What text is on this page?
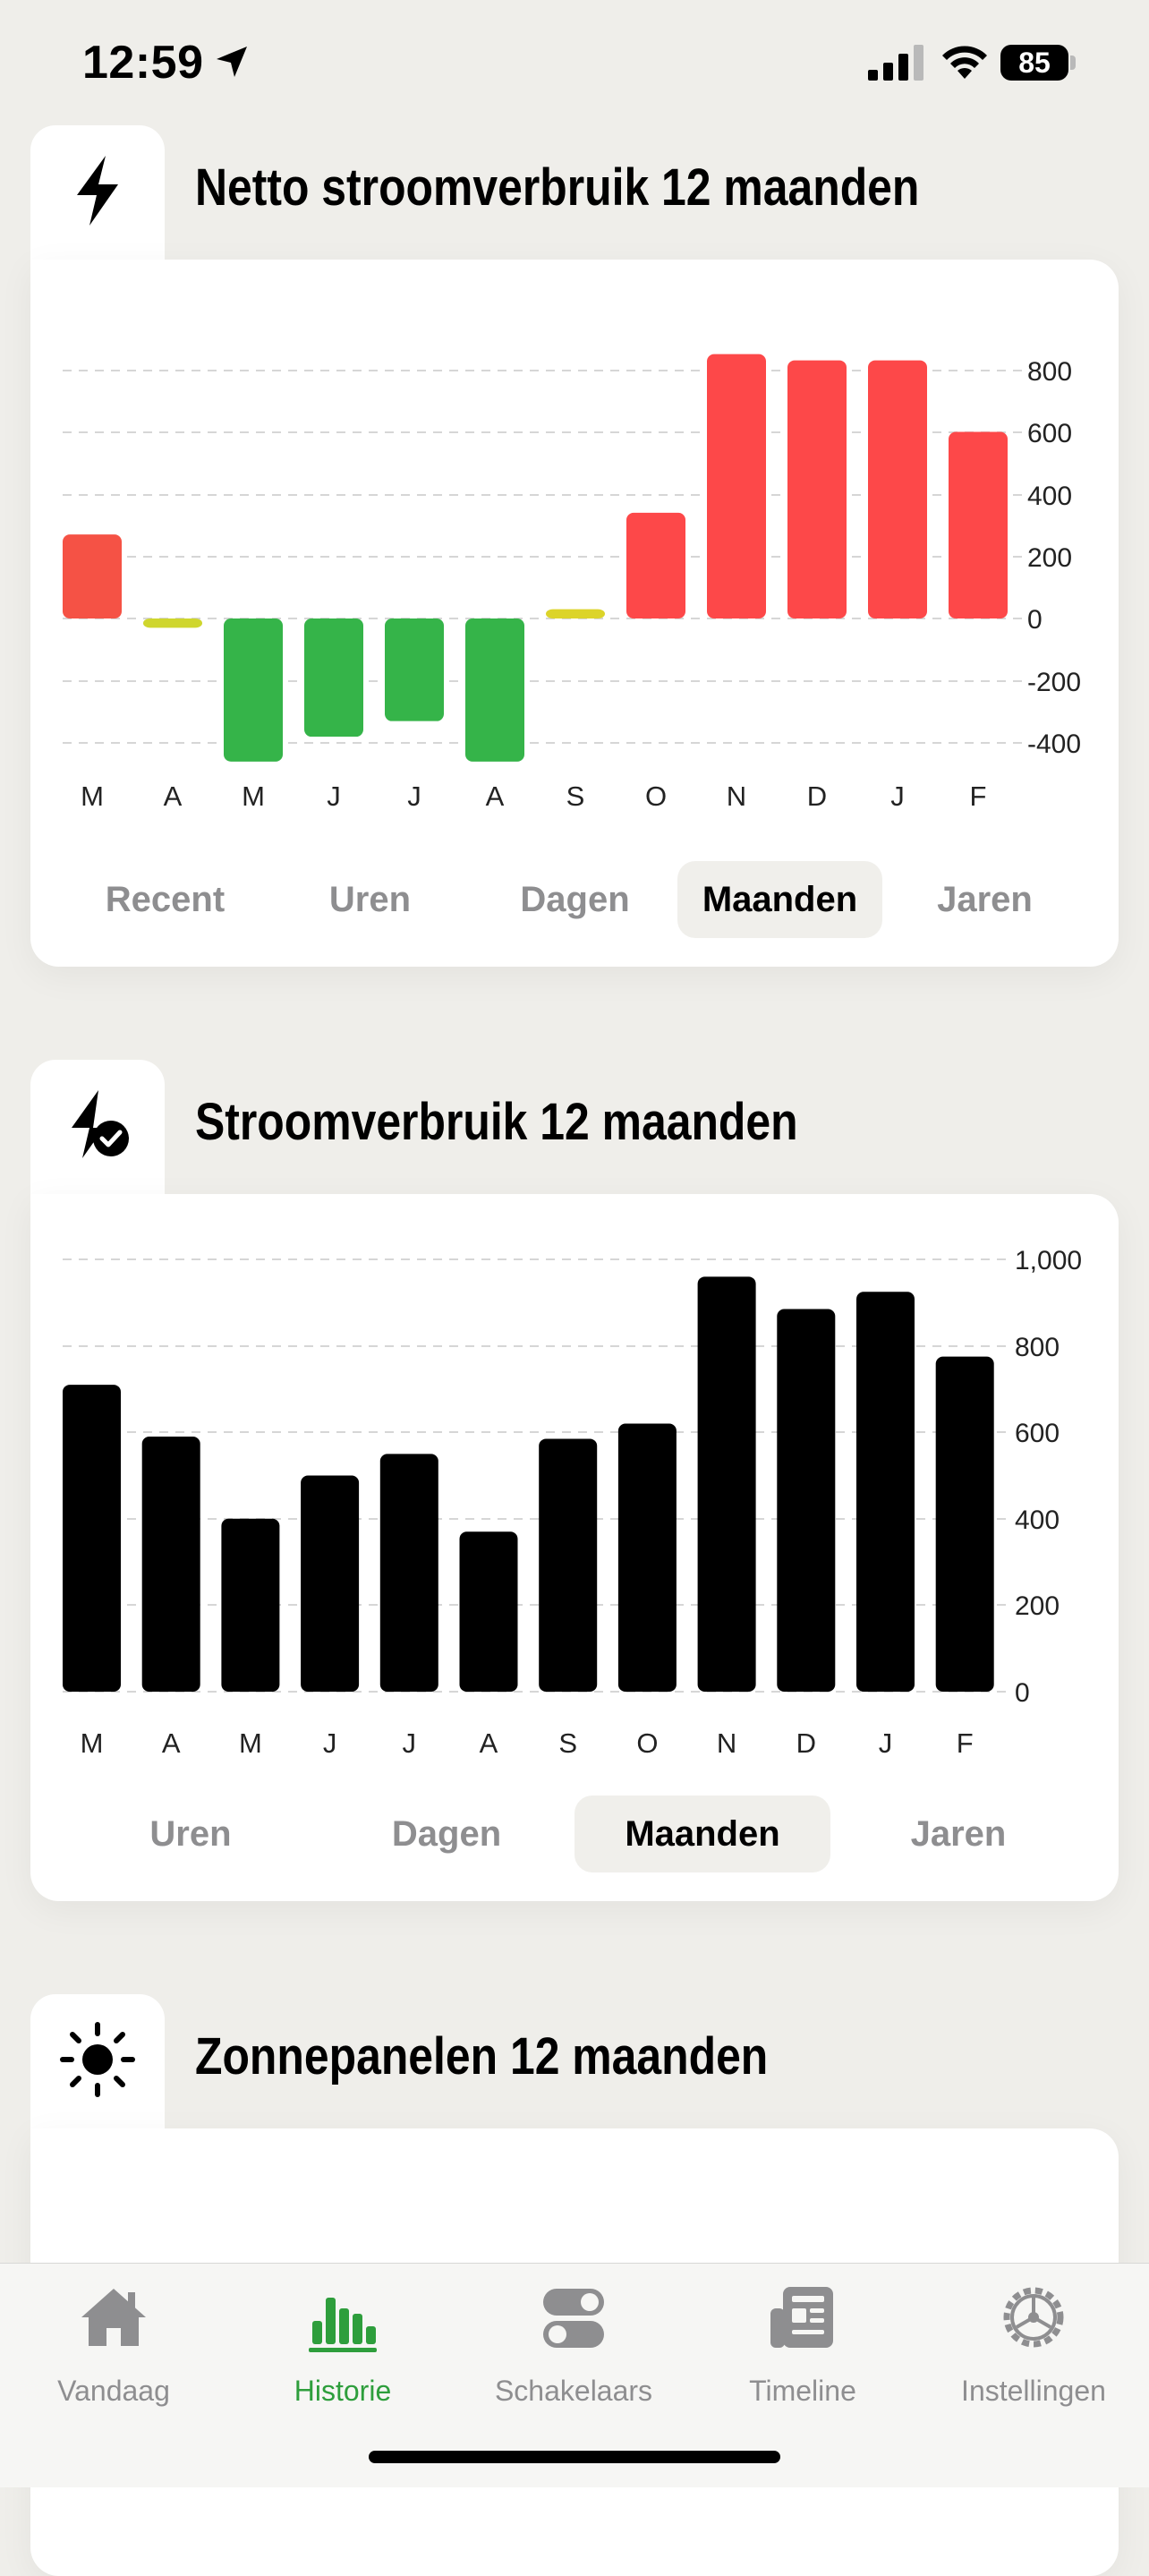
12:59	85
Netto stroomverbruik 12 maanden
800
600
400
200
0
-200
-400
M A M J J A S O N D J F
Recent	Uren	Dagen	Maanden	Jaren
Stroomverbruik 12 maanden
1,000
800
600
400
200
0
M A M J J A S O N D J F
Uren	Dagen	Maanden	Jaren
Zonnepanelen 12 maanden
Vandaag	Historie	Schakelaars	Timeline	Instellingen
